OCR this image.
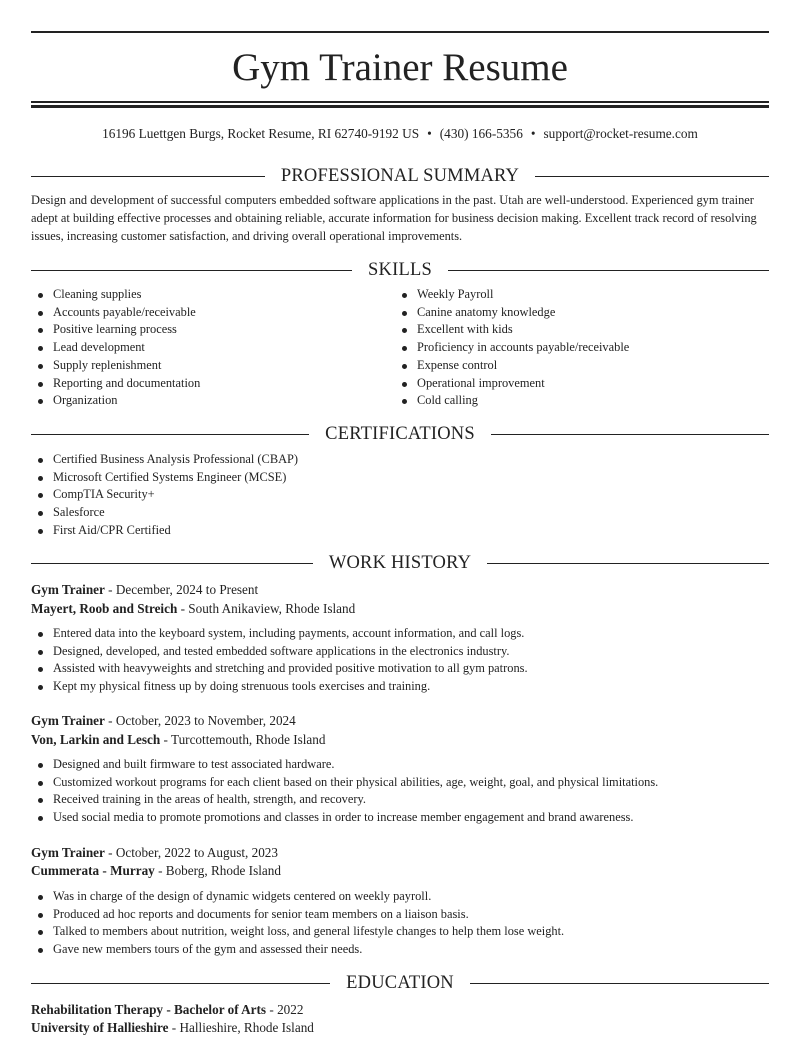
Gym Trainer Resume
16196 Luettgen Burgs, Rocket Resume, RI 62740-9192 US • (430) 166-5356 • support@rocket-resume.com
PROFESSIONAL SUMMARY

Design and development of successful computers embedded software applications in the past. Utah are well-understood. Experienced gym trainer adept at building effective processes and obtaining reliable, accurate information for business decision making. Excellent track record of resolving issues, increasing customer satisfaction, and driving overall operational improvements.

SKILLS
Cleaning supplies
Accounts payable/receivable
Positive learning process
Lead development
Supply replenishment
Reporting and documentation
Organization
Weekly Payroll
Canine anatomy knowledge
Excellent with kids
Proficiency in accounts payable/receivable
Expense control
Operational improvement
Cold calling
CERTIFICATIONS
Certified Business Analysis Professional (CBAP)
Microsoft Certified Systems Engineer (MCSE)
CompTIA Security+
Salesforce
First Aid/CPR Certified
WORK HISTORY
Gym Trainer - December, 2024 to Present
Mayert, Roob and Streich - South Anikaview, Rhode Island
Entered data into the keyboard system, including payments, account information, and call logs.
Designed, developed, and tested embedded software applications in the electronics industry.
Assisted with heavyweights and stretching and provided positive motivation to all gym patrons.
Kept my physical fitness up by doing strenuous tools exercises and training.
Gym Trainer - October, 2023 to November, 2024
Von, Larkin and Lesch - Turcottemouth, Rhode Island
Designed and built firmware to test associated hardware.
Customized workout programs for each client based on their physical abilities, age, weight, goal, and physical limitations.
Received training in the areas of health, strength, and recovery.
Used social media to promote promotions and classes in order to increase member engagement and brand awareness.
Gym Trainer - October, 2022 to August, 2023
Cummerata - Murray - Boberg, Rhode Island
Was in charge of the design of dynamic widgets centered on weekly payroll.
Produced ad hoc reports and documents for senior team members on a liaison basis.
Talked to members about nutrition, weight loss, and general lifestyle changes to help them lose weight.
Gave new members tours of the gym and assessed their needs.
EDUCATION
Rehabilitation Therapy - Bachelor of Arts - 2022
University of Hallieshire - Hallieshire, Rhode Island
